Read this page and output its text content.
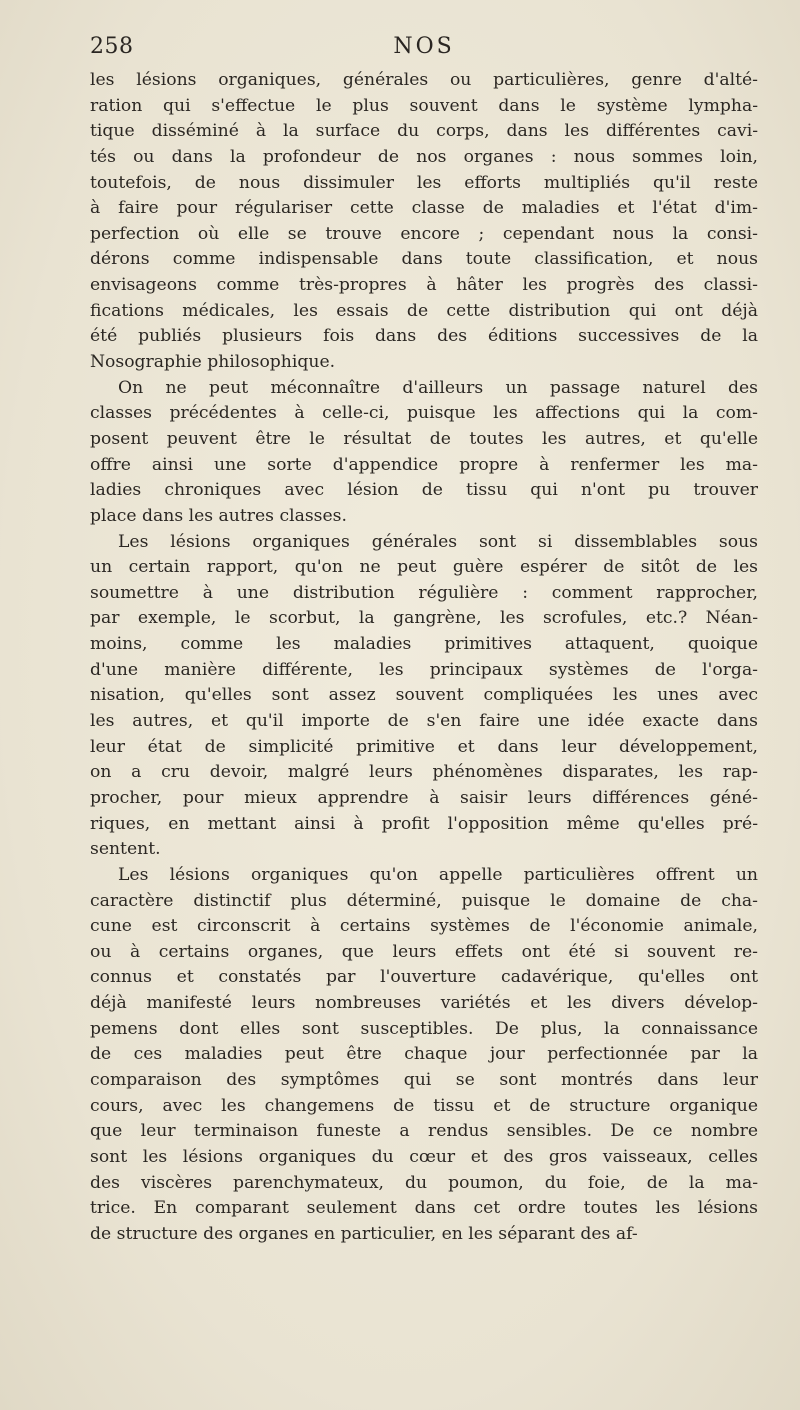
258	NOS
les lésions organiques, générales ou particulières, genre d'alté-
ration qui s'effectue le plus souvent dans le système lympha-
tique disséminé à la surface du corps, dans les différentes cavi-
tés ou dans la profondeur de nos organes : nous sommes loin,
toutefois, de nous dissimuler les efforts multipliés qu'il reste
à faire pour régulariser cette classe de maladies et l'état d'im-
perfection où elle se trouve encore ; cependant nous la consi-
dérons comme indispensable dans toute classification, et nous
envisageons comme très-propres à hâter les progrès des classi-
fications médicales, les essais de cette distribution qui ont déjà
été publiés plusieurs fois dans des éditions successives de la
Nosographie philosophique.
On ne peut méconnaître d'ailleurs un passage naturel des
classes précédentes à celle-ci, puisque les affections qui la com-
posent peuvent être le résultat de toutes les autres, et qu'elle
offre ainsi une sorte d'appendice propre à renfermer les ma-
ladies chroniques avec lésion de tissu qui n'ont pu trouver
place dans les autres classes.
Les lésions organiques générales sont si dissemblables sous
un certain rapport, qu'on ne peut guère espérer de sitôt de les
soumettre à une distribution régulière : comment rapprocher,
par exemple, le scorbut, la gangrène, les scrofules, etc.? Néan-
moins, comme les maladies primitives attaquent, quoique
d'une manière différente, les principaux systèmes de l'orga-
nisation, qu'elles sont assez souvent compliquées les unes avec
les autres, et qu'il importe de s'en faire une idée exacte dans
leur état de simplicité primitive et dans leur développement,
on a cru devoir, malgré leurs phénomènes disparates, les rap-
procher, pour mieux apprendre à saisir leurs différences géné-
riques, en mettant ainsi à profit l'opposition même qu'elles pré-
sentent.
Les lésions organiques qu'on appelle particulières offrent un
caractère distinctif plus déterminé, puisque le domaine de cha-
cune est circonscrit à certains systèmes de l'économie animale,
ou à certains organes, que leurs effets ont été si souvent re-
connus et constatés par l'ouverture cadavérique, qu'elles ont
déjà manifesté leurs nombreuses variétés et les divers dévelop-
pemens dont elles sont susceptibles. De plus, la connaissance
de ces maladies peut être chaque jour perfectionnée par la
comparaison des symptômes qui se sont montrés dans leur
cours, avec les changemens de tissu et de structure organique
que leur terminaison funeste a rendus sensibles. De ce nombre
sont les lésions organiques du cœur et des gros vaisseaux, celles
des viscères parenchymateux, du poumon, du foie, de la ma-
trice. En comparant seulement dans cet ordre toutes les lésions
de structure des organes en particulier, en les séparant des af-
